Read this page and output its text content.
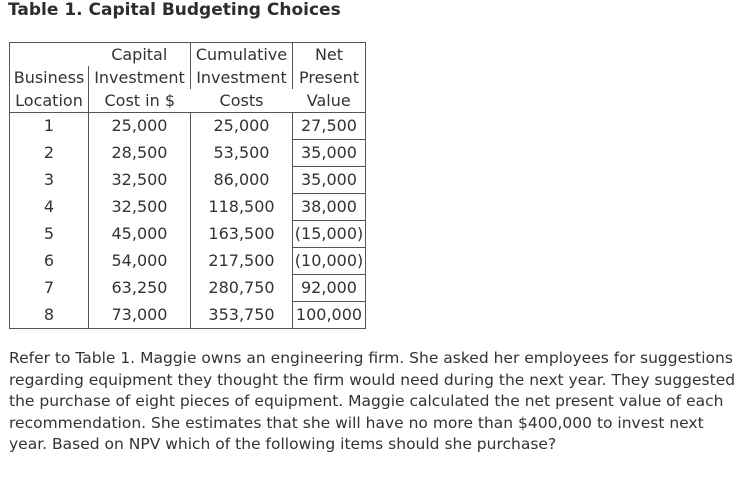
Table 1. Capital Budgeting Choices
	Capital	Cumulative	Net
Business	Investment	Investment	Present
Location	Cost in $	Costs	Value
1	25,000	25,000	27,500
2	28,500	53,500	35,000
3	32,500	86,000	35,000
4	32,500	118,500	38,000
5	45,000	163,500	(15,000)
6	54,000	217,500	(10,000)
7	63,250	280,750	92,000
8	73,000	353,750	100,000
Refer to Table 1. Maggie owns an engineering firm. She asked her employees for suggestions regarding equipment they thought the firm would need during the next year. They suggested the purchase of eight pieces of equipment. Maggie calculated the net present value of each recommendation. She estimates that she will have no more than $400,000 to invest next year. Based on NPV which of the following items should she purchase?
